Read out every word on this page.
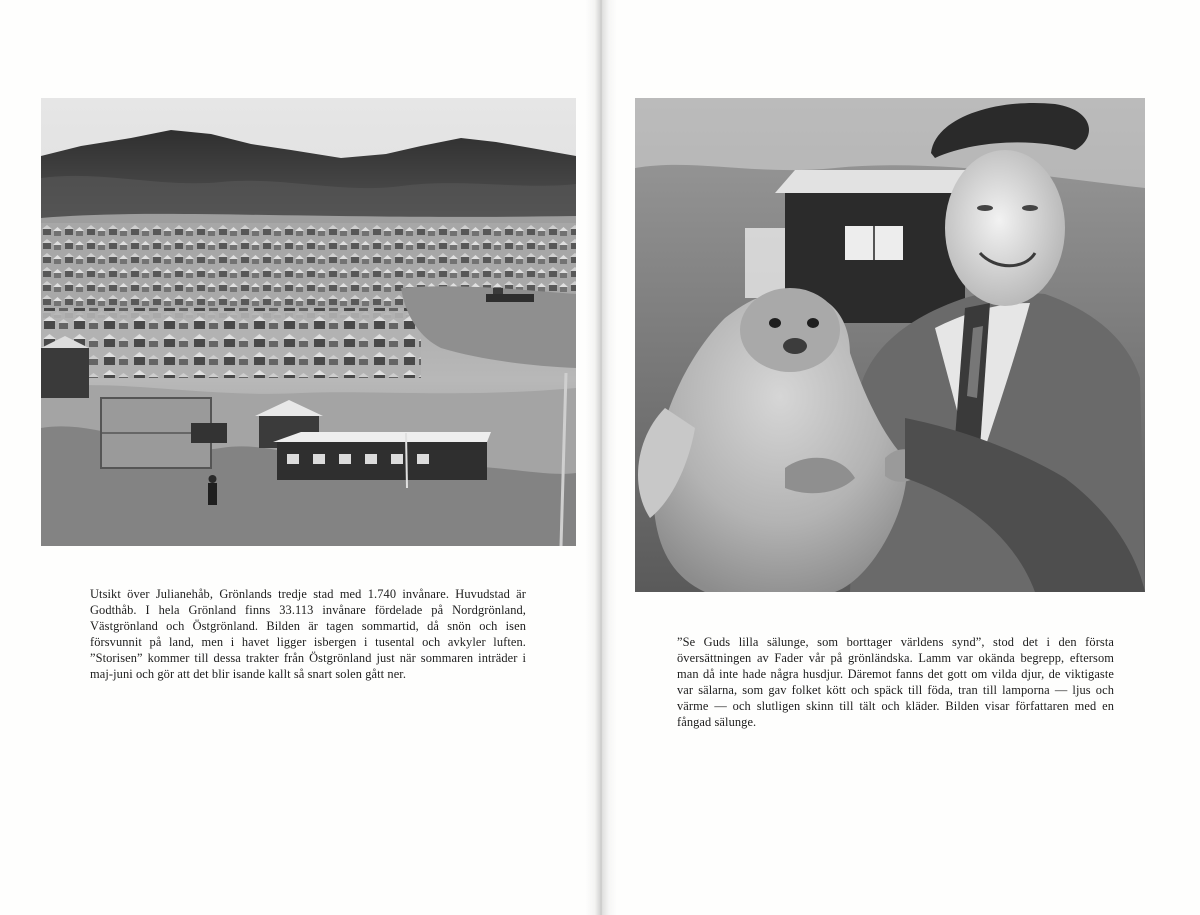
Utsikt över Julianehåb, Grönlands tredje stad med 1.740 invånare. Huvudstad är Godthåb. I hela Grönland finns 33.113 invånare fördelade på Nordgrönland, Västgrönland och Östgrönland. Bilden är tagen sommartid, då snön och isen försvunnit på land, men i havet ligger isbergen i tusental och avkyler luften. ”Storisen” kommer till dessa trakter från Östgrönland just när sommaren inträder i maj-juni och gör att det blir isande kallt så snart solen gått ner.

”Se Guds lilla sälunge, som borttager världens synd”, stod det i den första översättningen av Fader vår på grönländska. Lamm var okända begrepp, eftersom man då inte hade några husdjur. Däremot fanns det gott om vilda djur, de viktigaste var sälarna, som gav folket kött och späck till föda, tran till lamporna — ljus och värme — och slutligen skinn till tält och kläder. Bilden visar författaren med en fångad sälunge.
